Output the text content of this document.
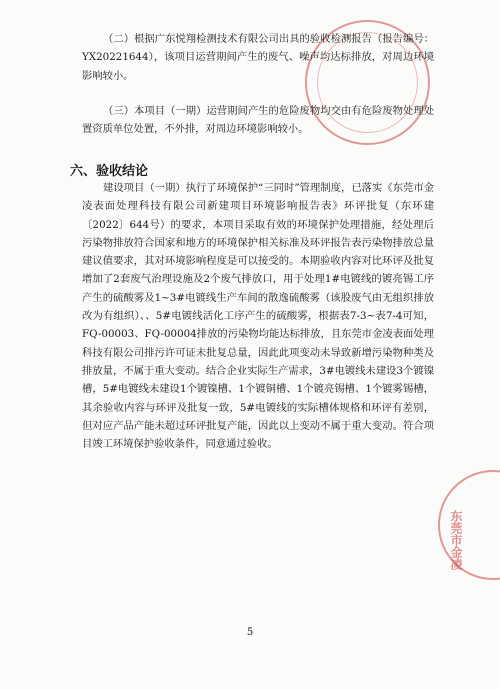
东莞市金凌

（二）根据广东悦翔检测技术有限公司出具的验收检测报告（报告编号：YX20221644），该项目运营期间产生的废气、噪声均达标排放，对周边环境影响较小。

（三）本项目（一期）运营期间产生的危险废物均交由有危险废物处理处置资质单位处置，不外排，对周边环境影响较小。

六、验收结论

建设项目（一期）执行了环境保护“三同时”管理制度，已落实《东莞市金凌表面处理科技有限公司新建项目环境影响报告表》环评批复（东环建〔2022〕644号）的要求，本项目采取有效的环境保护处理措施，经处理后污染物排放符合国家和地方的环境保护相关标准及环评报告表污染物排放总量建议值要求，其对环境影响程度是可以接受的。本期验收内容对比环评及批复增加了2套废气治理设施及2个废气排放口，用于处理1#电镀线的镀亮锡工序产生的硫酸雾及1~3#电镀线生产车间的散逸硫酸雾（该股废气由无组织排放改为有组织）、、5#电镀线活化工序产生的硫酸雾，根据表7-3~表7-4可知，FQ-00003、FQ-00004排放的污染物均能达标排放，且东莞市金凌表面处理科技有限公司排污许可证未批复总量，因此此项变动未导致新增污染物种类及排放量，不属于重大变动。结合企业实际生产需求，3#电镀线未建设3个镀镍槽，5#电镀线未建设1个镀镍槽、1个镀铜槽、1个镀亮锡槽、1个镀雾锡槽，其余验收内容与环评及批复一致，5#电镀线的实际槽体规格和环评有差别，但对应产品产能未超过环评批复产能，因此以上变动不属于重大变动。符合项目竣工环境保护验收条件，同意通过验收。

5
